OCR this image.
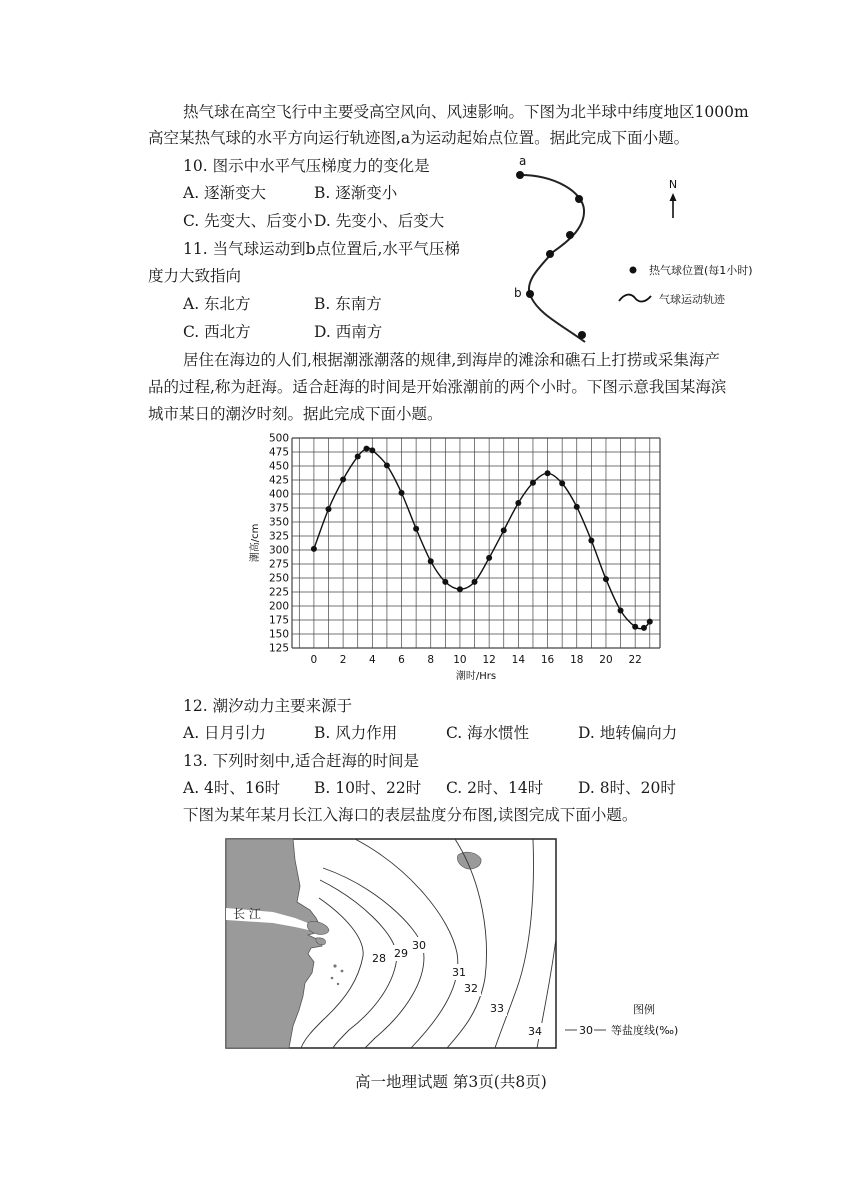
热气球在高空飞行中主要受高空风向、风速影响。下图为北半球中纬度地区1000m
高空某热气球的水平方向运行轨迹图,a为运动起始点位置。据此完成下面小题。
10. 图示中水平气压梯度力的变化是
A. 逐渐变大	B. 逐渐变小
C. 先变大、后变小 D. 先变小、后变大
11. 当气球运动到b点位置后,水平气压梯
度力大致指向
A. 东北方	B. 东南方
C. 西北方	D. 西南方
a
b
N
热气球位置(每1小时)
气球运动轨迹
居住在海边的人们,根据潮涨潮落的规律,到海岸的滩涂和礁石上打捞或采集海产
品的过程,称为赶海。适合赶海的时间是开始涨潮前的两个小时。下图示意我国某海滨
城市某日的潮汐时刻。据此完成下面小题。
125
150
175
200
225
250
275
300
325
350
375
400
425
450
475
500
0 2 4 6 8 10 12 14 16 18 20 22
潮时/Hrs
潮高/cm
12. 潮汐动力主要来源于
A. 日月引力	B. 风力作用	C. 海水惯性	D. 地转偏向力
13. 下列时刻中,适合赶海的时间是
A. 4时、16时 B. 10时、22时 C. 2时、14时 D. 8时、20时
下图为某年某月长江入海口的表层盐度分布图,读图完成下面小题。
28 29
30
31
32
33
34
长 江
图例
30 等盐度线(‰)
高一地理试题 第3页(共8页)
